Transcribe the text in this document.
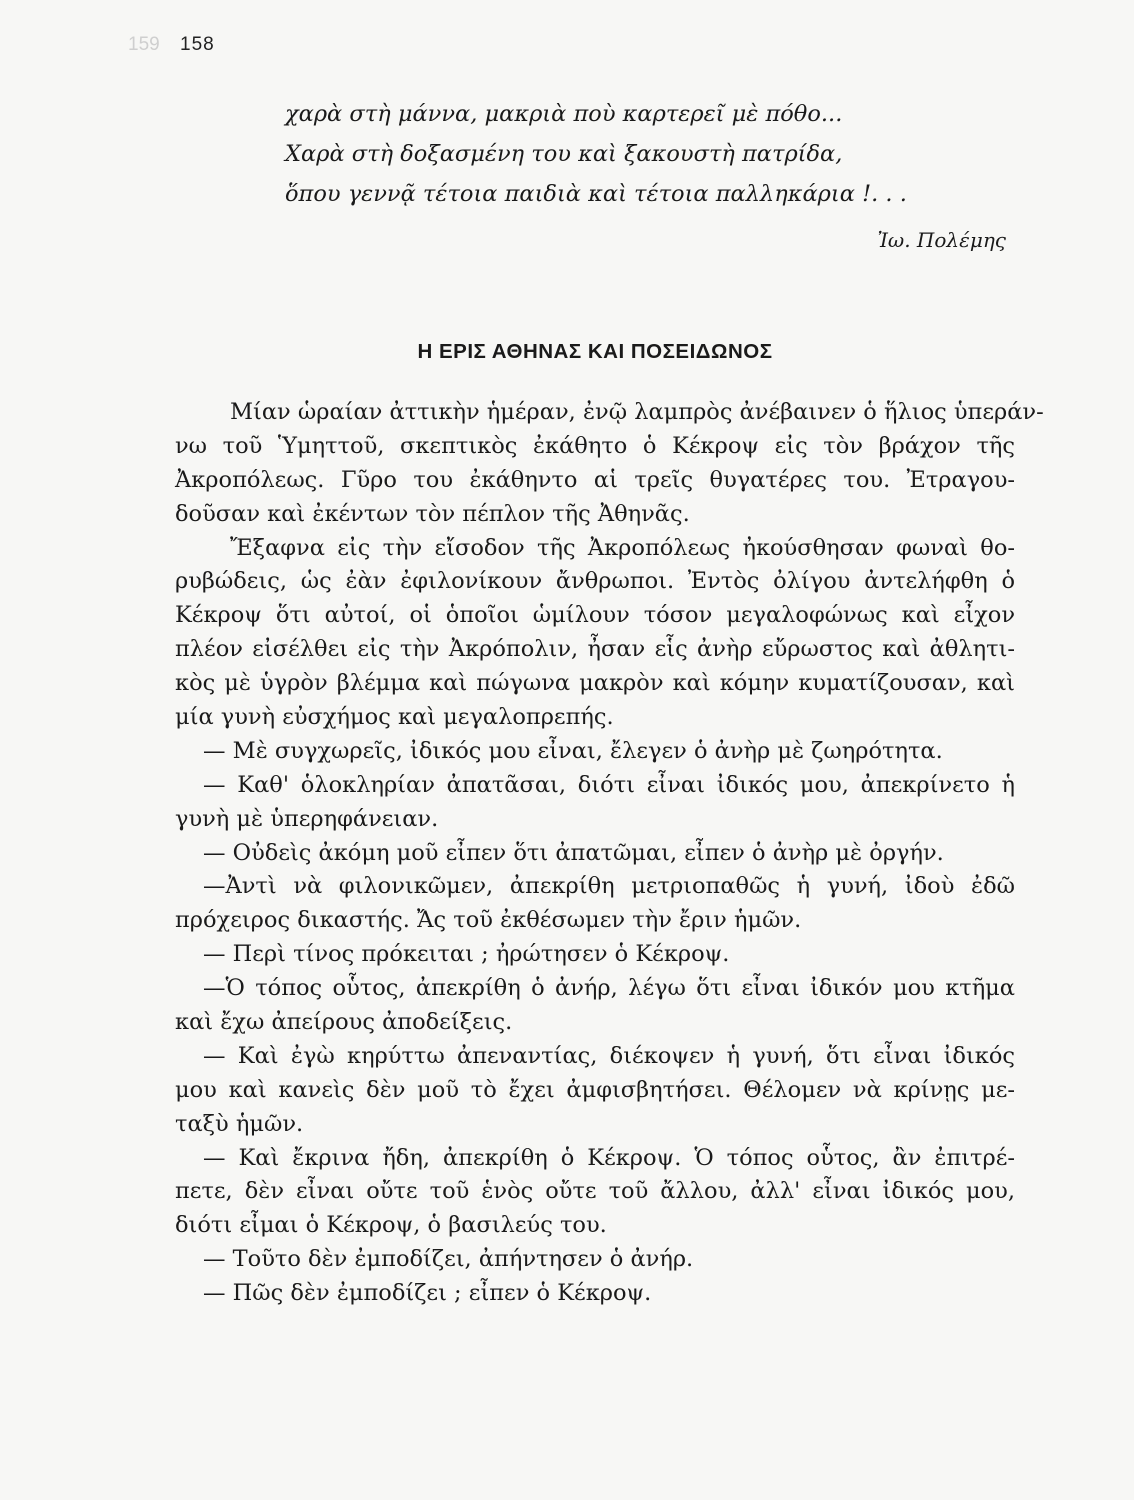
159 158
χαρὰ στὴ μάννα, μακριὰ ποὺ καρτερεῖ μὲ πόθο...
Χαρὰ στὴ δοξασμένη του καὶ ξακουστὴ πατρίδα,
ὅπου γεννᾷ τέτοια παιδιὰ καὶ τέτοια παλληκάρια !. . .
Ἰω. Πολέμης
Η ΕΡΙΣ ΑΘΗΝΑΣ ΚΑΙ ΠΟΣΕΙΔΩΝΟΣ
Μίαν ὡραίαν ἀττικὴν ἡμέραν, ἐνῷ λαμπρὸς ἀνέβαινεν ὁ ἥλιος ὑπεράν-
νω τοῦ Ὑμηττοῦ, σκεπτικὸς ἐκάθητο ὁ Κέκροψ εἰς τὸν βράχον τῆς
Ἀκροπόλεως. Γῦρο του ἐκάθηντο αἱ τρεῖς θυγατέρες του. Ἐτραγου-
δοῦσαν καὶ ἐκέντων τὸν πέπλον τῆς Ἀθηνᾶς.
Ἔξαφνα εἰς τὴν εἴσοδον τῆς Ἀκροπόλεως ἠκούσθησαν φωναὶ θο-
ρυβώδεις, ὡς ἐὰν ἐφιλονίκουν ἄνθρωποι. Ἐντὸς ὀλίγου ἀντελήφθη ὁ
Κέκροψ ὅτι αὐτοί, οἱ ὁποῖοι ὡμίλουν τόσον μεγαλοφώνως καὶ εἶχον
πλέον εἰσέλθει εἰς τὴν Ἀκρόπολιν, ἦσαν εἷς ἀνὴρ εὔρωστος καὶ ἀθλητι-
κὸς μὲ ὑγρὸν βλέμμα καὶ πώγωνα μακρὸν καὶ κόμην κυματίζουσαν, καὶ
μία γυνὴ εὐσχήμος καὶ μεγαλοπρεπής.
— Μὲ συγχωρεῖς, ἰδικός μου εἶναι, ἔλεγεν ὁ ἀνὴρ μὲ ζωηρότητα.
— Καθ' ὁλοκληρίαν ἀπατᾶσαι, διότι εἶναι ἰδικός μου, ἀπεκρίνετο ἡ
γυνὴ μὲ ὑπερηφάνειαν.
— Οὐδεὶς ἀκόμη μοῦ εἶπεν ὅτι ἀπατῶμαι, εἶπεν ὁ ἀνὴρ μὲ ὀργήν.
—Ἀντὶ νὰ φιλονικῶμεν, ἀπεκρίθη μετριοπαθῶς ἡ γυνή, ἰδοὺ ἐδῶ
πρόχειρος δικαστής. Ἄς τοῦ ἐκθέσωμεν τὴν ἔριν ἡμῶν.
— Περὶ τίνος πρόκειται ; ἠρώτησεν ὁ Κέκροψ.
—Ὁ τόπος οὗτος, ἀπεκρίθη ὁ ἀνήρ, λέγω ὅτι εἶναι ἰδικόν μου κτῆμα
καὶ ἔχω ἀπείρους ἀποδείξεις.
— Καὶ ἐγὼ κηρύττω ἀπεναντίας, διέκοψεν ἡ γυνή, ὅτι εἶναι ἰδικός
μου καὶ κανεὶς δὲν μοῦ τὸ ἔχει ἀμφισβητήσει. Θέλομεν νὰ κρίνῃς με-
ταξὺ ἡμῶν.
— Καὶ ἔκρινα ἤδη, ἀπεκρίθη ὁ Κέκροψ. Ὁ τόπος οὗτος, ἂν ἐπιτρέ-
πετε, δὲν εἶναι οὔτε τοῦ ἑνὸς οὔτε τοῦ ἄλλου, ἀλλ' εἶναι ἰδικός μου,
διότι εἶμαι ὁ Κέκροψ, ὁ βασιλεύς του.
— Τοῦτο δὲν ἐμποδίζει, ἀπήντησεν ὁ ἀνήρ.
— Πῶς δὲν ἐμποδίζει ; εἶπεν ὁ Κέκροψ.
